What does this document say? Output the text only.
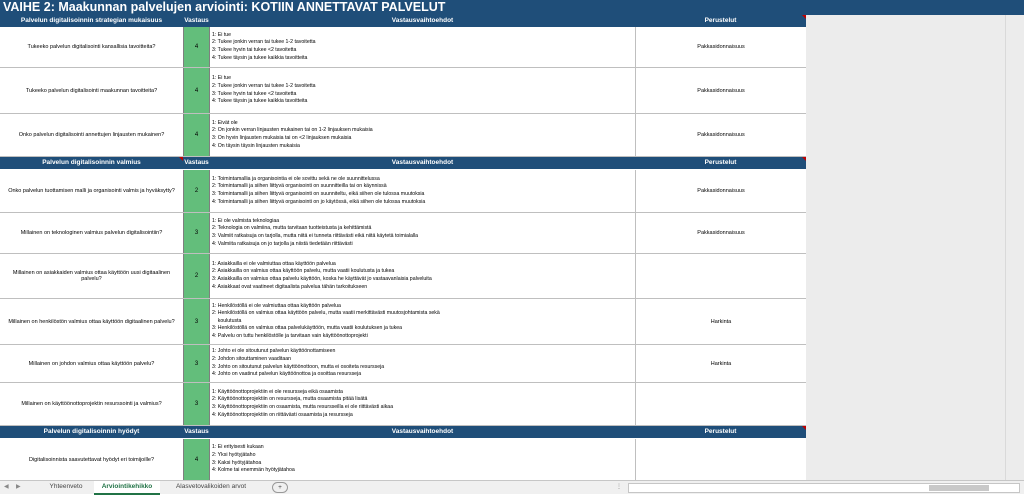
VAIHE 2: Maakunnan palvelujen arviointi: KOTIIN ANNETTAVAT PALVELUT
Palvelun digitalisoinnin strategian mukaisuus	Vastaus	Vastausvaihtoehdot	Perustelut
Tukeeko palvelun digitalisointi kansallisia tavoitteita?	4
1: Ei tue
2: Tukee jonkin verran tai tukee 1-2 tavoitetta
3: Tukee hyvin tai tukee <2 tavoitetta
4: Tukee täysin ja tukee kaikkia tavoitteita
Pakkasidonnaisuus
Tukeeko palvelun digitalisointi maakunnan tavoitteita?	4
1: Ei tue
2: Tukee jonkin verran tai tukee 1-2 tavoitetta
3: Tukee hyvin tai tukee <2 tavoitetta
4: Tukee täysin ja tukee kaikkia tavoitteita
Pakkasidonnaisuus
Onko palvelun digitalisointi annettujen linjausten mukainen?	4
1: Eivät ole
2: On jonkin verran linjausten mukainen tai on 1-2 linjauksen mukaisia
3: On hyvin linjausten mukaisia tai on <2 linjauksen mukaisia
4: On täysin täysin linjausten mukaisia
Pakkasidonnaisuus
Palvelun digitalisoinnin valmius	Vastaus	Vastausvaihtoehdot	Perustelut
Onko palvelun tuottamisen malli ja organisointi valmis ja hyväksytty?	2
1: Toimintamallia ja organisointia ei ole sovittu sekä ne ole suunnittelussa
2: Toimintamalli ja siihen liittyvä organisointi on suunnitteilla tai on käynnissä
3: Toimintamalli ja siihen liittyvä organisointi on suunniteltu, eikä siihen ole tulossa muutoksia
4: Toimintamalli ja siihen liittyvä organisointi on jo käytössä, eikä siihen ole tulossa muutoksia
Pakkasidonnaisuus
Millainen on teknologinen valmius palvelun digitalisointiin?	3
1: Ei ole valmista teknologiaa
2: Teknologia on valmiina, mutta tarvitaan tuotteistusta ja kehittämistä
3: Valmiit ratkaisuja on tarjolla, mutta niitä ei tunneta riittävästi eikä niitä käytetä toimialalla
4: Valmiita ratkaisuja on jo tarjolla ja niistä tiedetään riittävästi
Pakkasidonnaisuus
Millainen on asiakkaiden valmius ottaa käyttöön uusi digitaalinen palvelu?	2
1: Asiakkailla ei ole valmiuttaa ottaa käyttöön palvelua
2: Asiakkailla on valmius ottaa käyttöön palvelu, mutta vaatii koulutusta ja tukea
3: Asiakkailla on valmius ottaa palvelu käyttöön, koska he käyttävät jo vastaavanlaisia palveluita
4: Asiakkaat ovat vaatineet digitaalista palvelua tähän tarkoitukseen
Millainen on henkilöstön valmius ottaa käyttöön digitaalinen palvelu?	3
1: Henkilöstöllä ei ole valmiuttaa ottaa käyttöön palvelua
2: Henkilöstöllä on valmius ottaa käyttöön palvelu, mutta vaatii merkittävästi muutosjohtamista sekä
koulutusta
3: Henkilöstöllä on valmius ottaa palvelukäyttöön, mutta vaatii koulutuksen ja tukea
4: Palvelu on tuttu henkilöstölle ja tarvitaan vain käyttöönottoprojekti
Harkinta
Millainen on johdon valmius ottaa käyttöön palvelu?	3
1: Johto ei ole sitoutunut palvelun käyttöönottamiseen
2: Johdon sitouttaminen vaaditaan
3: Johto on sitoutunut palvelun käyttöönottoon, mutta ei osoiteta resursseja
4: Johto on vaatinut palvelun käyttöönottoa ja osoittaa resursseja
Harkinta
Millainen on käyttöönottoprojektin resurssointi ja valmius?	3
1: Käyttöönottoprojektiin ei ole resursseja eikä osaamista
2: Käyttöönottoprojektiin on resursseja, mutta osaamista pitää lisätä
3: Käyttöönottoprojektiin on osaamista, mutta resursseilla ei ole riittävästi aikaa
4: Käyttöönottoprojektiin on riittävästi osaamista ja resursseja
Palvelun digitalisoinnin hyödyt	Vastaus	Vastausvaihtoehdot	Perustelut
Digitalisoinnista saavutettavat hyödyt eri toimijoille?	4
1: Ei erityisesti kukaan
2: Yksi hyötyjätaho
3: Kaksi hyötyjätahoa
4: Kolme tai enemmän hyötyjätahoa
◀ ▶	Yhteenveto	Arviointikehikko	Alasvetovalikoiden arvot	+	⋮
